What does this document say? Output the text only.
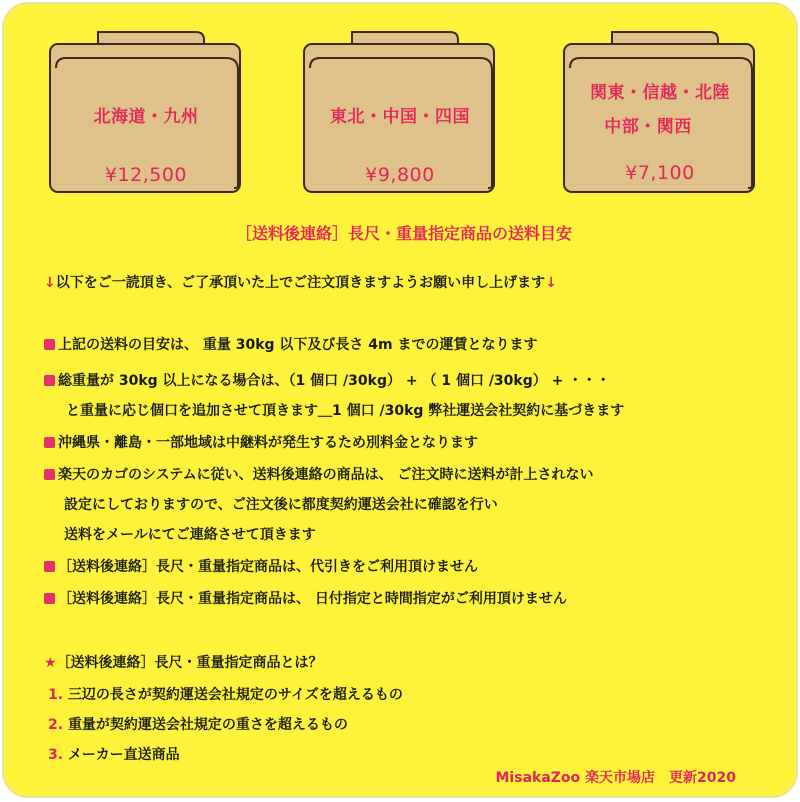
北海道・九州
¥12,500
東北・中国・四国
¥9,800
関東・信越・北陸
中部・関西
¥7,100
［送料後連絡］長尺・重量指定商品の送料目安
↓以下をご一読頂き、ご了承頂いた上でご注文頂きますようお願い申し上げます↓
上記の送料の目安は、 重量 30kg 以下及び長さ 4m までの運賃となります
総重量が 30kg 以上になる場合は、（1 個口 /30kg） + （ 1 個口 /30kg） + ・・・
と重量に応じ個口を追加させて頂きます＿1 個口 /30kg 弊社運送会社契約に基づきます
沖縄県・離島・一部地域は中継料が発生するため別料金となります
楽天のカゴのシステムに従い、送料後連絡の商品は、 ご注文時に送料が計上されない
設定にしておりますので、ご注文後に都度契約運送会社に確認を行い
送料をメールにてご連絡させて頂きます
［送料後連絡］長尺・重量指定商品は、代引きをご利用頂けません
［送料後連絡］長尺・重量指定商品は、 日付指定と時間指定がご利用頂けません
★［送料後連絡］長尺・重量指定商品とは？
1. 三辺の長さが契約運送会社規定のサイズを超えるもの
2. 重量が契約運送会社規定の重さを超えるもの
3. メーカー直送商品
MisakaZoo 楽天市場店　更新2020
